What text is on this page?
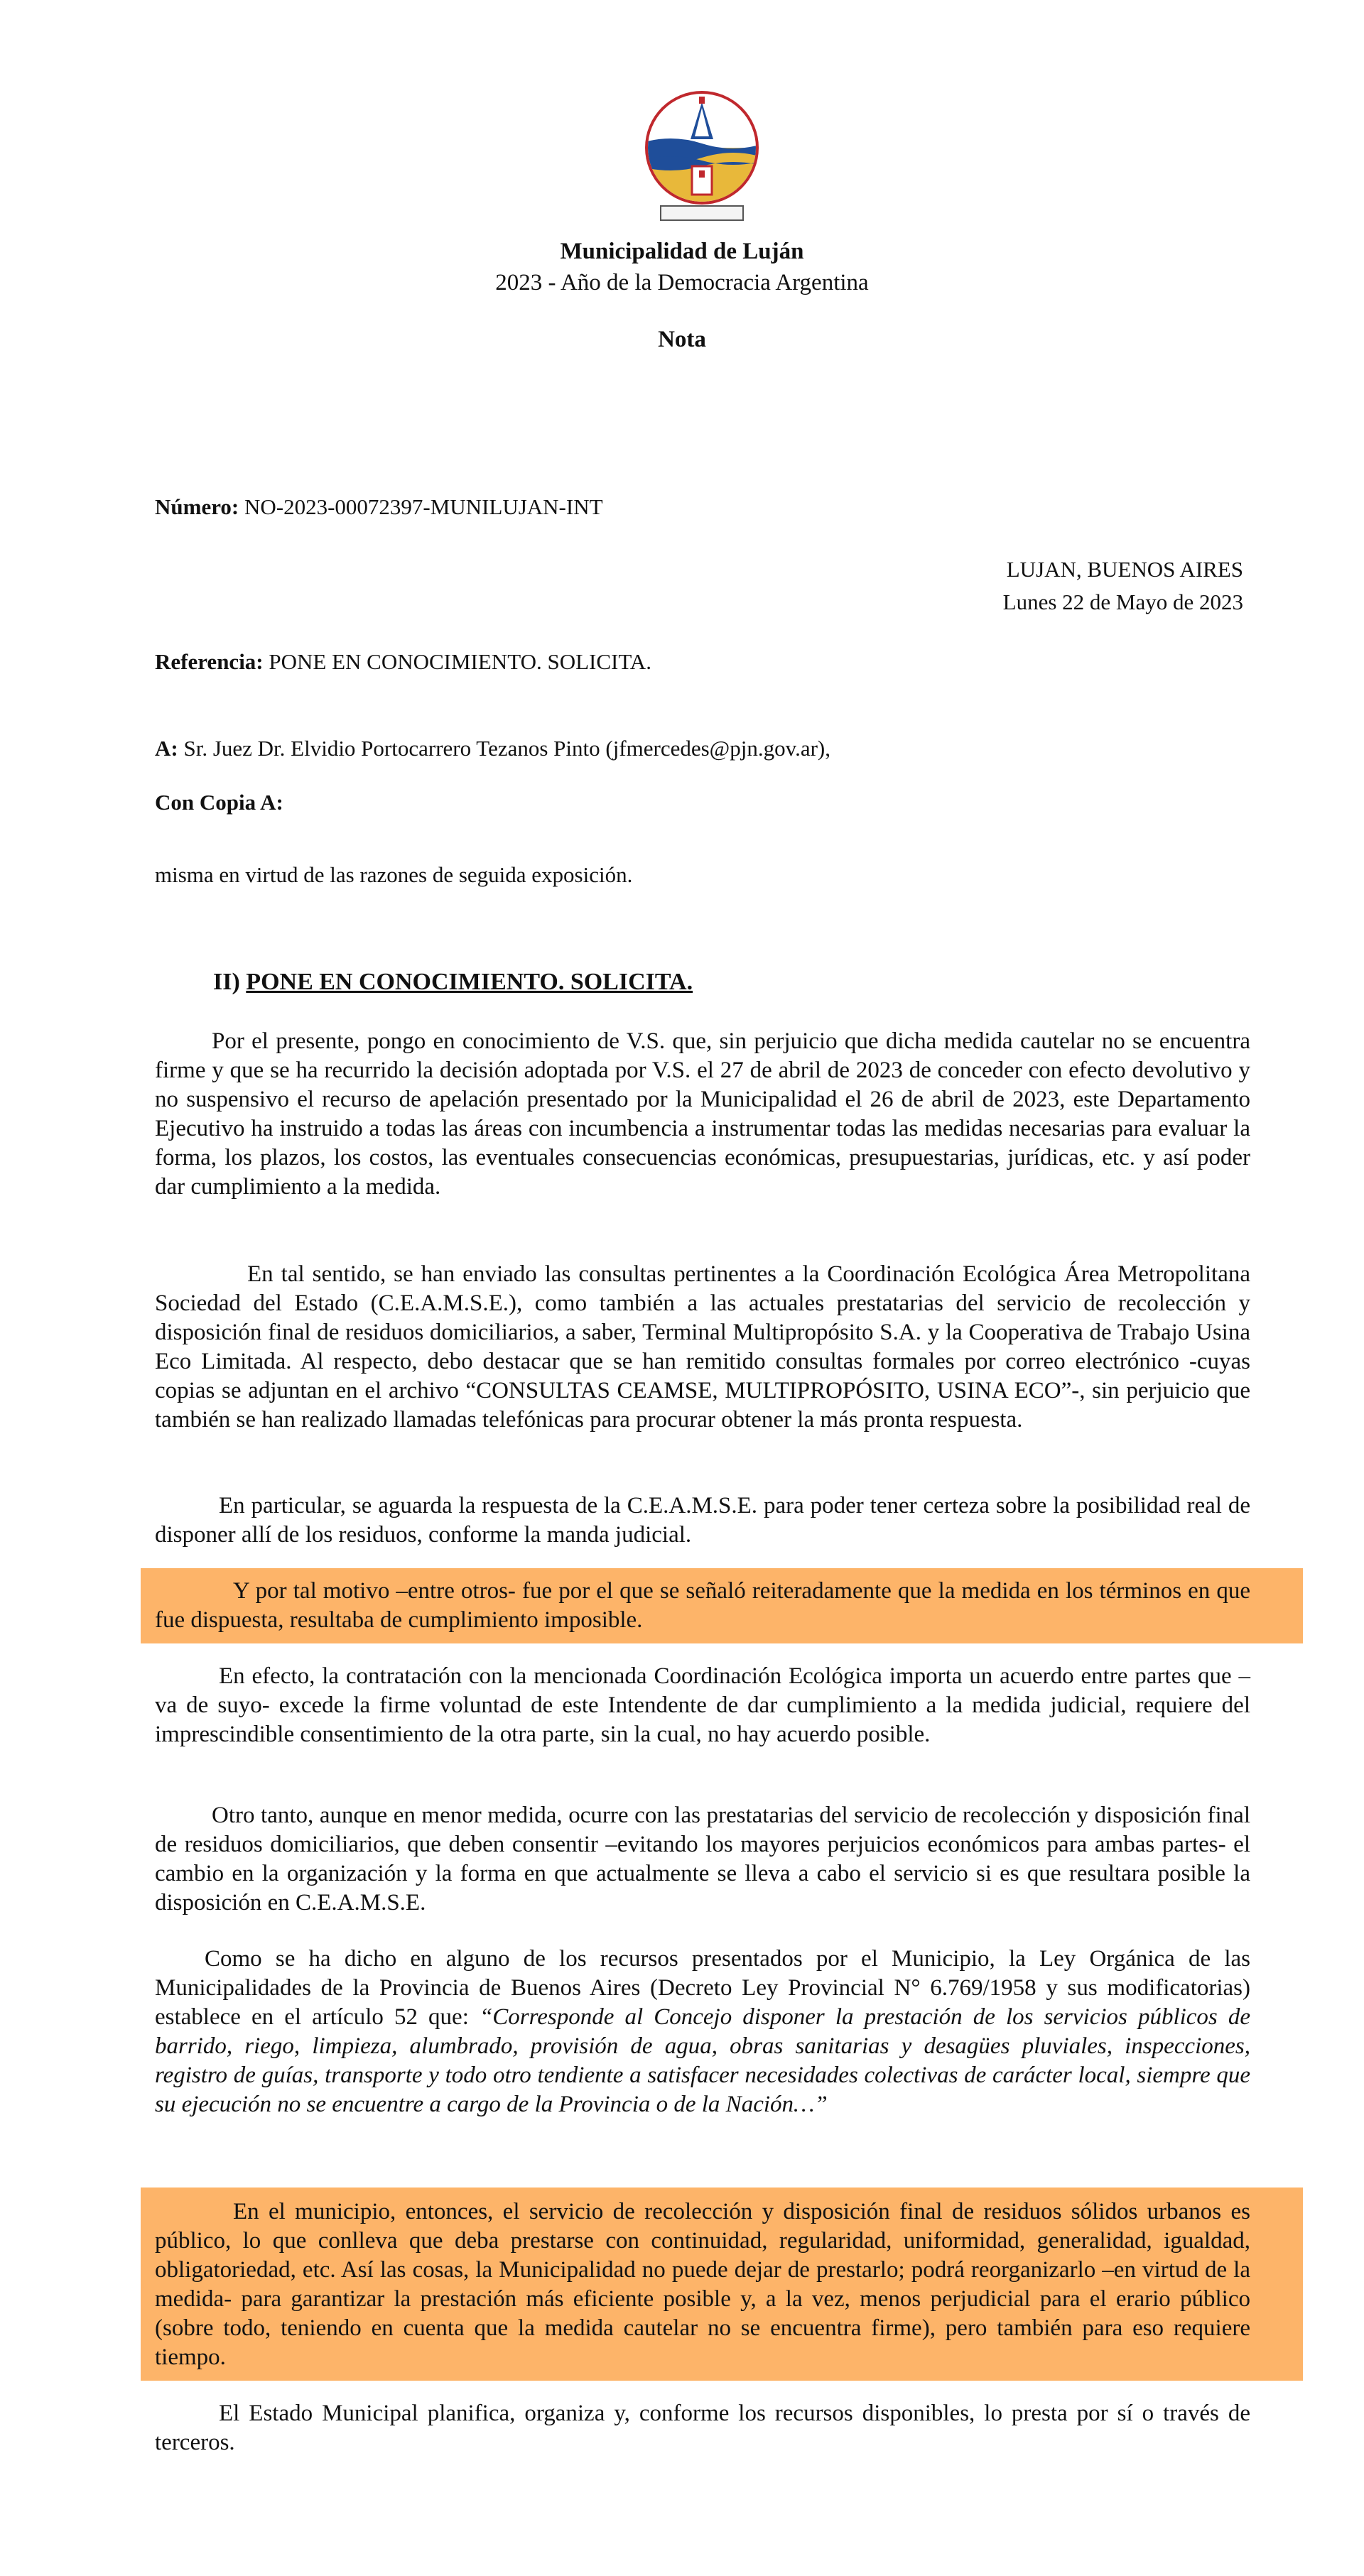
Municipalidad de Luján
2023 - Año de la Democracia Argentina
Nota
Número: NO-2023-00072397-MUNILUJAN-INT
LUJAN, BUENOS AIRES
Lunes 22 de Mayo de 2023
Referencia: PONE EN CONOCIMIENTO. SOLICITA.
A: Sr. Juez Dr. Elvidio Portocarrero Tezanos Pinto (jfmercedes@pjn.gov.ar),
Con Copia A:
misma en virtud de las razones de seguida exposición.
II) PONE EN CONOCIMIENTO. SOLICITA.
Por el presente, pongo en conocimiento de V.S. que, sin perjuicio que dicha medida cautelar no se encuentra firme y que se ha recurrido la decisión adoptada por V.S. el 27 de abril de 2023 de conceder con efecto devolutivo y no suspensivo el recurso de apelación presentado por la Municipalidad el 26 de abril de 2023, este Departamento Ejecutivo ha instruido a todas las áreas con incumbencia a instrumentar todas las medidas necesarias para evaluar la forma, los plazos, los costos, las eventuales consecuencias económicas, presupuestarias, jurídicas, etc. y así poder dar cumplimiento a la medida.
En tal sentido, se han enviado las consultas pertinentes a la Coordinación Ecológica Área Metropolitana Sociedad del Estado (C.E.A.M.S.E.), como también a las actuales prestatarias del servicio de recolección y disposición final de residuos domiciliarios, a saber, Terminal Multipropósito S.A. y la Cooperativa de Trabajo Usina Eco Limitada. Al respecto, debo destacar que se han remitido consultas formales por correo electrónico -cuyas copias se adjuntan en el archivo “CONSULTAS CEAMSE, MULTIPROPÓSITO, USINA ECO”-, sin perjuicio que también se han realizado llamadas telefónicas para procurar obtener la más pronta respuesta.
En particular, se aguarda la respuesta de la C.E.A.M.S.E. para poder tener certeza sobre la posibilidad real de disponer allí de los residuos, conforme la manda judicial.
Y por tal motivo –entre otros- fue por el que se señaló reiteradamente que la medida en los términos en que fue dispuesta, resultaba de cumplimiento imposible.
En efecto, la contratación con la mencionada Coordinación Ecológica importa un acuerdo entre partes que –va de suyo- excede la firme voluntad de este Intendente de dar cumplimiento a la medida judicial, requiere del imprescindible consentimiento de la otra parte, sin la cual, no hay acuerdo posible.
Otro tanto, aunque en menor medida, ocurre con las prestatarias del servicio de recolección y disposición final de residuos domiciliarios, que deben consentir –evitando los mayores perjuicios económicos para ambas partes- el cambio en la organización y la forma en que actualmente se lleva a cabo el servicio si es que resultara posible la disposición en C.E.A.M.S.E.
Como se ha dicho en alguno de los recursos presentados por el Municipio, la Ley Orgánica de las Municipalidades de la Provincia de Buenos Aires (Decreto Ley Provincial N° 6.769/1958 y sus modificatorias) establece en el artículo 52 que: “Corresponde al Concejo disponer la prestación de los servicios públicos de barrido, riego, limpieza, alumbrado, provisión de agua, obras sanitarias y desagües pluviales, inspecciones, registro de guías, transporte y todo otro tendiente a satisfacer necesidades colectivas de carácter local, siempre que su ejecución no se encuentre a cargo de la Provincia o de la Nación…”
En el municipio, entonces, el servicio de recolección y disposición final de residuos sólidos urbanos es público, lo que conlleva que deba prestarse con continuidad, regularidad, uniformidad, generalidad, igualdad, obligatoriedad, etc. Así las cosas, la Municipalidad no puede dejar de prestarlo; podrá reorganizarlo –en virtud de la medida- para garantizar la prestación más eficiente posible y, a la vez, menos perjudicial para el erario público (sobre todo, teniendo en cuenta que la medida cautelar no se encuentra firme), pero también para eso requiere tiempo.
El Estado Municipal planifica, organiza y, conforme los recursos disponibles, lo presta por sí o través de terceros.
